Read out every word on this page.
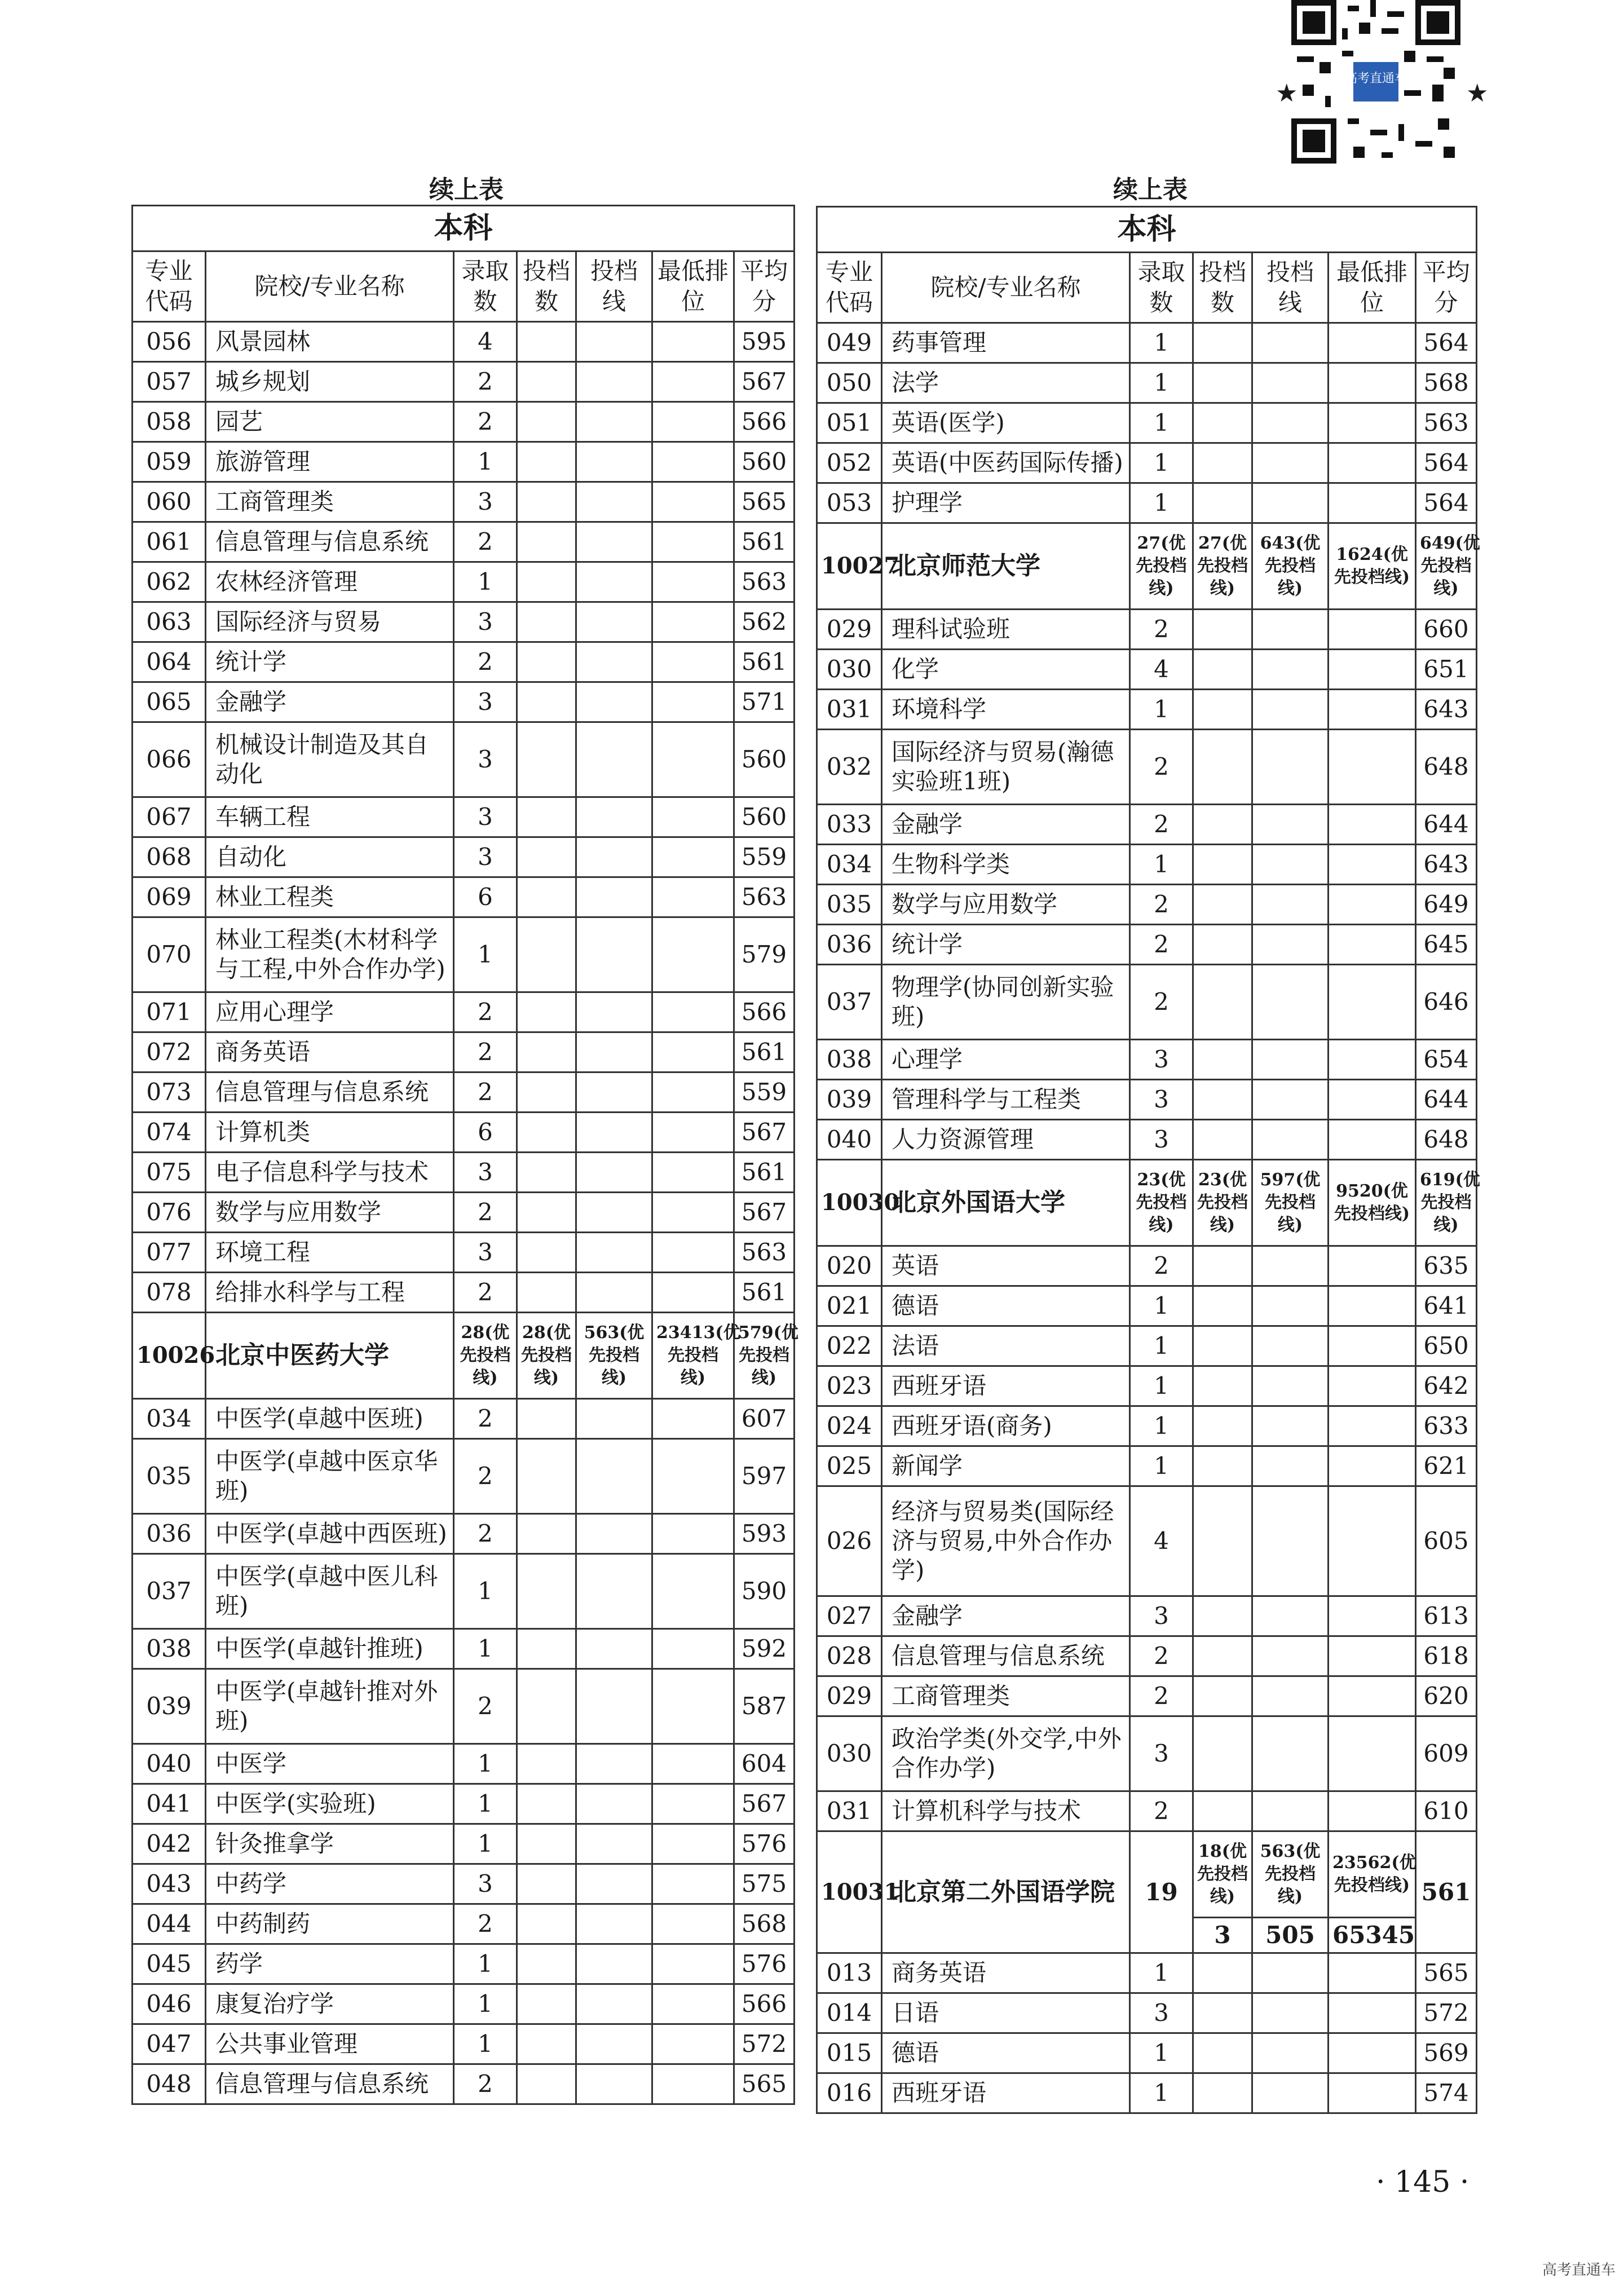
高考直通车
★	★
续上表	续上表
本科						
专业代码	院校/专业名称	录取数	投档数	投档线	最低排位	平均分
056	风景园林	4				595
057	城乡规划	2				567
058	园艺	2				566
059	旅游管理	1				560
060	工商管理类	3				565
061	信息管理与信息系统	2				561
062	农林经济管理	1				563
063	国际经济与贸易	3				562
064	统计学	2				561
065	金融学	3				571
066	机械设计制造及其自动化	3				560
067	车辆工程	3				560
068	自动化	3				559
069	林业工程类	6				563
070	林业工程类(木材科学与工程,中外合作办学)	1				579
071	应用心理学	2				566
072	商务英语	2				561
073	信息管理与信息系统	2				559
074	计算机类	6				567
075	电子信息科学与技术	3				561
076	数学与应用数学	2				567
077	环境工程	3				563
078	给排水科学与工程	2				561
10026	北京中医药大学	28(优先投档线)	28(优先投档线)	563(优先投档线)	23413(优先投档线)	579(优先投档线)
034	中医学(卓越中医班)	2				607
035	中医学(卓越中医京华班)	2				597
036	中医学(卓越中西医班)	2				593
037	中医学(卓越中医儿科班)	1				590
038	中医学(卓越针推班)	1				592
039	中医学(卓越针推对外班)	2				587
040	中医学	1				604
041	中医学(实验班)	1				567
042	针灸推拿学	1				576
043	中药学	3				575
044	中药制药	2				568
045	药学	1				576
046	康复治疗学	1				566
047	公共事业管理	1				572
048	信息管理与信息系统	2				565
本科						
专业代码	院校/专业名称	录取数	投档数	投档线	最低排位	平均分
049	药事管理	1				564
050	法学	1				568
051	英语(医学)	1				563
052	英语(中医药国际传播)	1				564
053	护理学	1				564
10027	北京师范大学	27(优先投档线)	27(优先投档线)	643(优先投档线)	1624(优先投档线)	649(优先投档线)
029	理科试验班	2				660
030	化学	4				651
031	环境科学	1				643
032	国际经济与贸易(瀚德实验班1班)	2				648
033	金融学	2				644
034	生物科学类	1				643
035	数学与应用数学	2				649
036	统计学	2				645
037	物理学(协同创新实验班)	2				646
038	心理学	3				654
039	管理科学与工程类	3				644
040	人力资源管理	3				648
10030	北京外国语大学	23(优先投档线)	23(优先投档线)	597(优先投档线)	9520(优先投档线)	619(优先投档线)
020	英语	2				635
021	德语	1				641
022	法语	1				650
023	西班牙语	1				642
024	西班牙语(商务)	1				633
025	新闻学	1				621
026	经济与贸易类(国际经济与贸易,中外合作办学)	4				605
027	金融学	3				613
028	信息管理与信息系统	2				618
029	工商管理类	2				620
030	政治学类(外交学,中外合作办学)	3				609
031	计算机科学与技术	2				610
10031	北京第二外国语学院	19	18(优先投档线)	563(优先投档线)	23562(优先投档线)	561
			3	505	65345	
013	商务英语	1				565
014	日语	3				572
015	德语	1				569
016	西班牙语	1				574
· 145 ·
高考直通车
